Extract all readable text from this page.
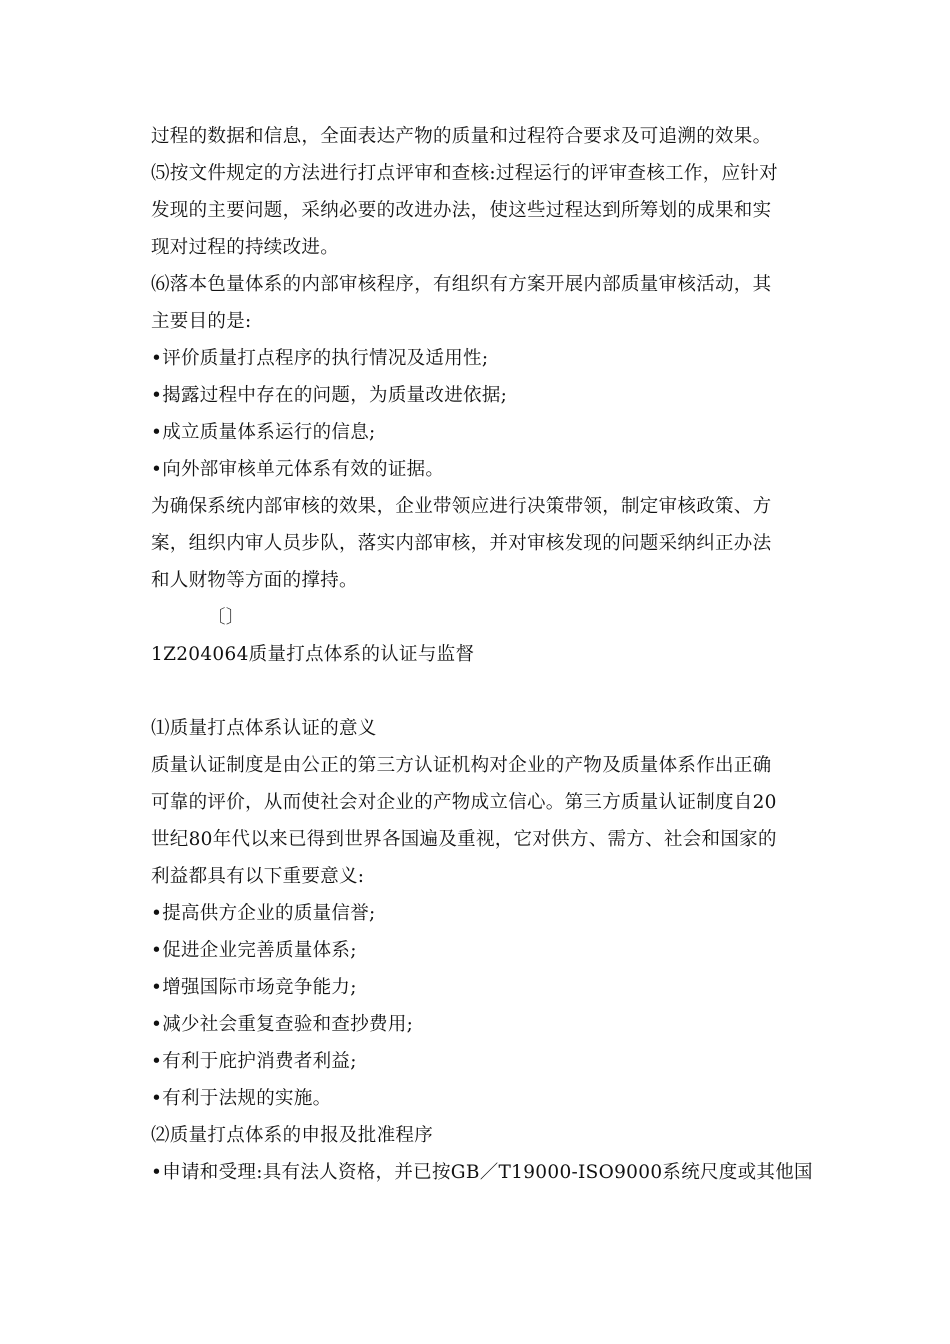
过程的数据和信息，全面表达产物的质量和过程符合要求及可追溯的效果。
⑸按文件规定的方法进行打点评审和查核:过程运行的评审查核工作，应针对
发现的主要问题，采纳必要的改进办法，使这些过程达到所筹划的成果和实
现对过程的持续改进。
⑹落本色量体系的内部审核程序，有组织有方案开展内部质量审核活动，其
主要目的是:
•评价质量打点程序的执行情况及适用性;
•揭露过程中存在的问题，为质量改进依据;
•成立质量体系运行的信息;
•向外部审核单元体系有效的证据。
为确保系统内部审核的效果，企业带领应进行决策带领，制定审核政策、方
案，组织内审人员步队，落实内部审核，并对审核发现的问题采纳纠正办法
和人财物等方面的撑持。
〔〕
1Z204064质量打点体系的认证与监督
⑴质量打点体系认证的意义
质量认证制度是由公正的第三方认证机构对企业的产物及质量体系作出正确
可靠的评价，从而使社会对企业的产物成立信心。第三方质量认证制度自20
世纪80年代以来已得到世界各国遍及重视，它对供方、需方、社会和国家的
利益都具有以下重要意义:
•提高供方企业的质量信誉;
•促进企业完善质量体系;
•增强国际市场竞争能力;
•减少社会重复查验和查抄费用;
•有利于庇护消费者利益;
•有利于法规的实施。
⑵质量打点体系的申报及批准程序
•申请和受理:具有法人资格，并已按GB／T19000-ISO9000系统尺度或其他国
